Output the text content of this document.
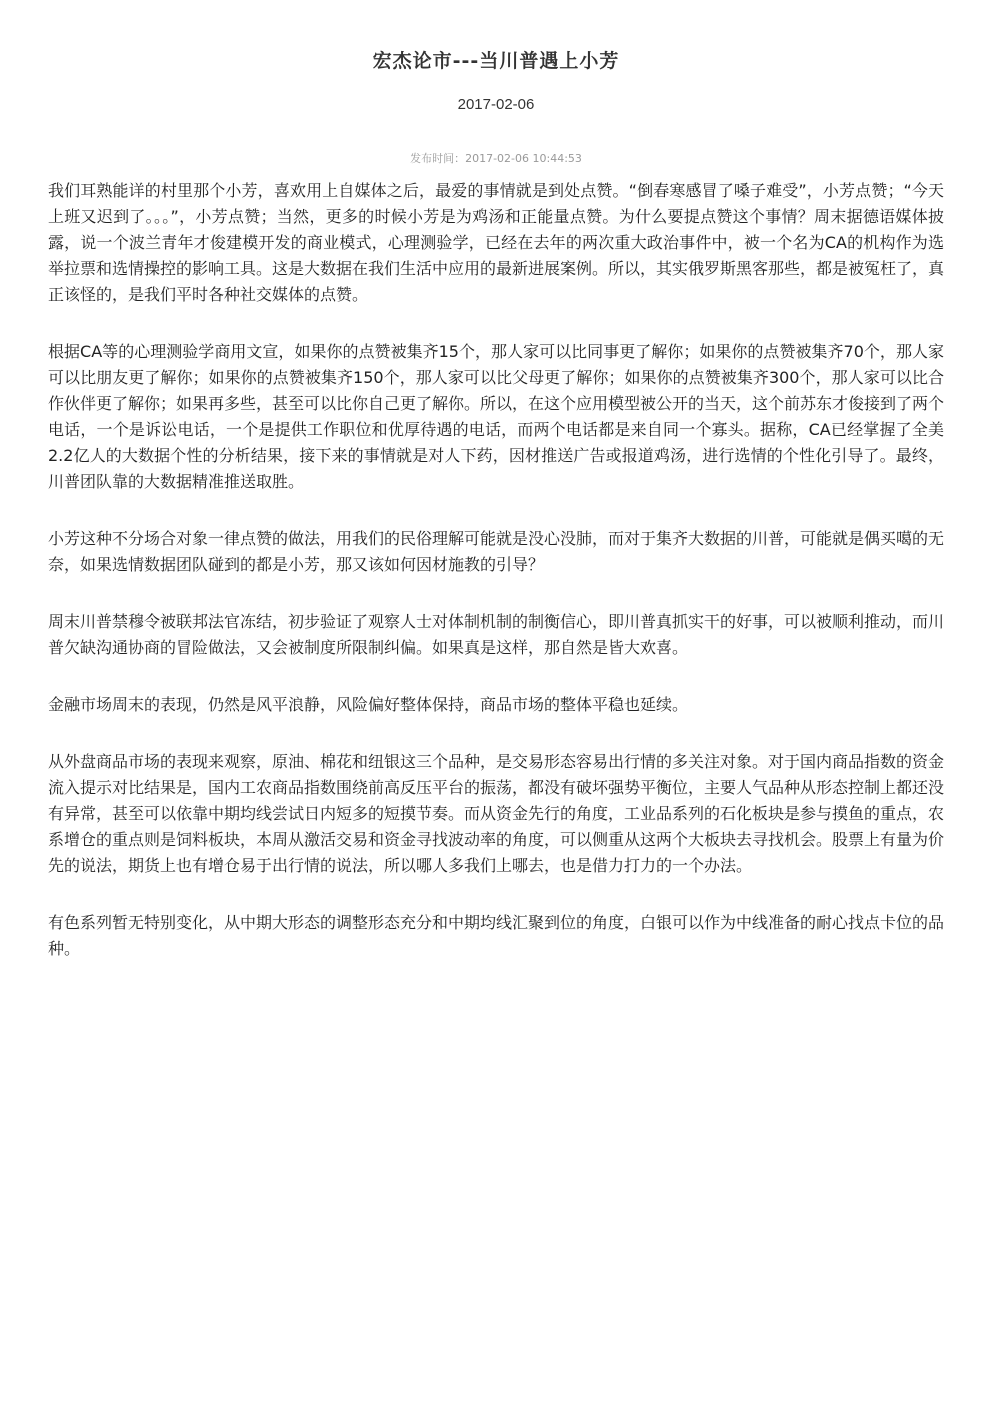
宏杰论市---当川普遇上小芳
2017-02-06
发布时间：2017-02-06 10:44:53

我们耳熟能详的村里那个小芳，喜欢用上自媒体之后，最爱的事情就是到处点赞。“倒春寒感冒了嗓子难受”，小芳点赞；“今天上班又迟到了。。。”，小芳点赞；当然，更多的时候小芳是为鸡汤和正能量点赞。为什么要提点赞这个事情？周末据德语媒体披露，说一个波兰青年才俊建模开发的商业模式，心理测验学，已经在去年的两次重大政治事件中，被一个名为CA的机构作为选举拉票和选情操控的影响工具。这是大数据在我们生活中应用的最新进展案例。所以，其实俄罗斯黑客那些，都是被冤枉了，真正该怪的，是我们平时各种社交媒体的点赞。

根据CA等的心理测验学商用文宣，如果你的点赞被集齐15个，那人家可以比同事更了解你；如果你的点赞被集齐70个，那人家可以比朋友更了解你；如果你的点赞被集齐150个，那人家可以比父母更了解你；如果你的点赞被集齐300个，那人家可以比合作伙伴更了解你；如果再多些，甚至可以比你自己更了解你。所以，在这个应用模型被公开的当天，这个前苏东才俊接到了两个电话，一个是诉讼电话，一个是提供工作职位和优厚待遇的电话，而两个电话都是来自同一个寡头。据称，CA已经掌握了全美2.2亿人的大数据个性的分析结果，接下来的事情就是对人下药，因材推送广告或报道鸡汤，进行选情的个性化引导了。最终，川普团队靠的大数据精准推送取胜。

小芳这种不分场合对象一律点赞的做法，用我们的民俗理解可能就是没心没肺，而对于集齐大数据的川普，可能就是偶买噶的无奈，如果选情数据团队碰到的都是小芳，那又该如何因材施教的引导？

周末川普禁穆令被联邦法官冻结，初步验证了观察人士对体制机制的制衡信心，即川普真抓实干的好事，可以被顺利推动，而川普欠缺沟通协商的冒险做法，又会被制度所限制纠偏。如果真是这样，那自然是皆大欢喜。

金融市场周末的表现，仍然是风平浪静，风险偏好整体保持，商品市场的整体平稳也延续。

从外盘商品市场的表现来观察，原油、棉花和纽银这三个品种，是交易形态容易出行情的多关注对象。对于国内商品指数的资金流入提示对比结果是，国内工农商品指数围绕前高反压平台的振荡，都没有破坏强势平衡位，主要人气品种从形态控制上都还没有异常，甚至可以依靠中期均线尝试日内短多的短摸节奏。而从资金先行的角度，工业品系列的石化板块是参与摸鱼的重点，农系增仓的重点则是饲料板块，本周从激活交易和资金寻找波动率的角度，可以侧重从这两个大板块去寻找机会。股票上有量为价先的说法，期货上也有增仓易于出行情的说法，所以哪人多我们上哪去，也是借力打力的一个办法。

有色系列暂无特别变化，从中期大形态的调整形态充分和中期均线汇聚到位的角度，白银可以作为中线准备的耐心找点卡位的品种。
